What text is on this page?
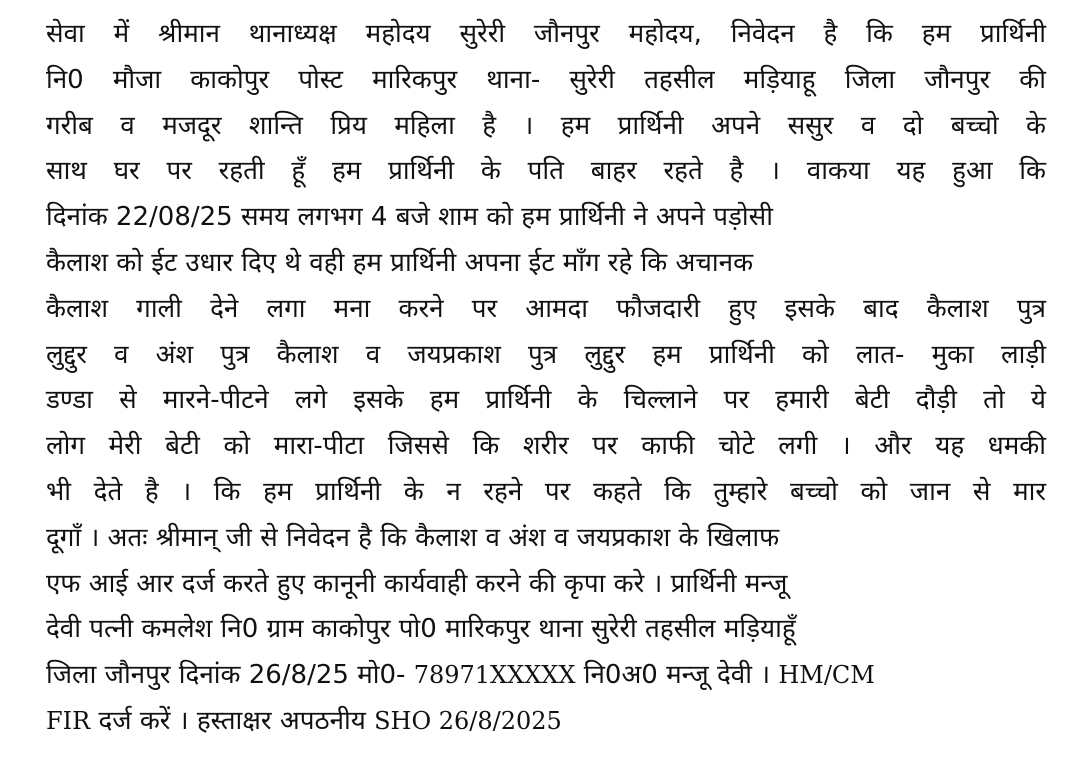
सेवा में श्रीमान थानाध्यक्ष महोदय सुरेरी जौनपुर महोदय, निवेदन है कि हम प्रार्थिनी
नि0 मौजा काकोपुर पोस्ट मारिकपुर थाना- सुरेरी तहसील मड़ियाहू जिला जौनपुर की
गरीब व मजदूर शान्ति प्रिय महिला है । हम प्रार्थिनी अपने ससुर व दो बच्चो के
साथ घर पर रहती हूँ हम प्रार्थिनी के पति बाहर रहते है । वाकया यह हुआ कि
दिनांक 22/08/25 समय लगभग 4 बजे शाम को हम प्रार्थिनी ने अपने पड़ोसी
कैलाश को ईट उधार दिए थे वही हम प्रार्थिनी अपना ईट माँग रहे कि अचानक
कैलाश गाली देने लगा मना करने पर आमदा फौजदारी हुए इसके बाद कैलाश पुत्र
लुद्दुर व अंश पुत्र कैलाश व जयप्रकाश पुत्र लुद्दुर हम प्रार्थिनी को लात- मुका लाड़ी
डण्डा से मारने-पीटने लगे इसके हम प्रार्थिनी के चिल्लाने पर हमारी बेटी दौड़ी तो ये
लोग मेरी बेटी को मारा-पीटा जिससे कि शरीर पर काफी चोटे लगी । और यह धमकी
भी देते है । कि हम प्रार्थिनी के न रहने पर कहते कि तुम्हारे बच्चो को जान से मार
दूगाँ । अतः श्रीमान् जी से निवेदन है कि कैलाश व अंश व जयप्रकाश के खिलाफ
एफ आई आर दर्ज करते हुए कानूनी कार्यवाही करने की कृपा करे । प्रार्थिनी मन्जू
देवी पत्नी कमलेश नि0 ग्राम काकोपुर पो0 मारिकपुर थाना सुरेरी तहसील मड़ियाहूँ
जिला जौनपुर दिनांक 26/8/25 मो0- 78971XXXXX नि0अ0 मन्जू देवी । HM/CM
FIR दर्ज करें । हस्ताक्षर अपठनीय SHO 26/8/2025
